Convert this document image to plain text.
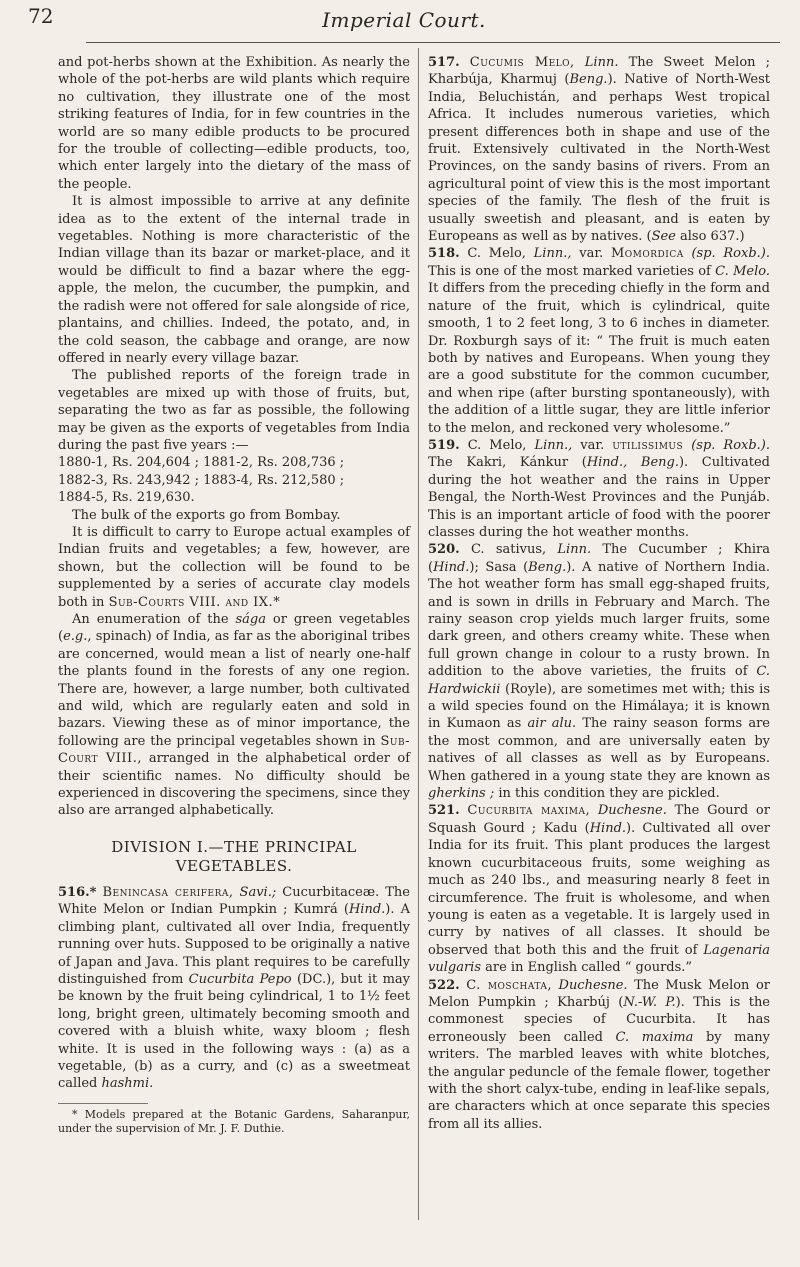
72	Imperial Court.

and pot-herbs shown at the Exhibition. As nearly the whole of the pot-herbs are wild plants which require no cultivation, they illustrate one of the most striking features of India, for in few countries in the world are so many edible products to be procured for the trouble of collecting—edible products, too, which enter largely into the dietary of the mass of the people.

It is almost impossible to arrive at any definite idea as to the extent of the internal trade in vegetables. Nothing is more characteristic of the Indian village than its bazar or market-place, and it would be difficult to find a bazar where the egg-apple, the melon, the cucumber, the pumpkin, and the radish were not offered for sale alongside of rice, plantains, and chillies. Indeed, the potato, and, in the cold season, the cabbage and orange, are now offered in nearly every village bazar.

The published reports of the foreign trade in vegetables are mixed up with those of fruits, but, separating the two as far as possible, the following may be given as the exports of vegetables from India during the past five years :—

1880-1, Rs. 204,604 ; 1881-2, Rs. 208,736 ;

1882-3, Rs. 243,942 ; 1883-4, Rs. 212,580 ;

1884-5, Rs. 219,630.

The bulk of the exports go from Bombay.

It is difficult to carry to Europe actual examples of Indian fruits and vegetables; a few, however, are shown, but the collection will be found to be supplemented by a series of accurate clay models both in Sub-Courts VIII. and IX.*

An enumeration of the sága or green vegetables (e.g., spinach) of India, as far as the aboriginal tribes are concerned, would mean a list of nearly one-half the plants found in the forests of any one region. There are, however, a large number, both cultivated and wild, which are regularly eaten and sold in bazars. Viewing these as of minor importance, the following are the principal vegetables shown in Sub-Court VIII., arranged in the alphabetical order of their scientific names. No difficulty should be experienced in discovering the specimens, since they also are arranged alphabetically.

DIVISION I.—THE PRINCIPAL
VEGETABLES.

516.* Benincasa cerifera, Savi.; Cucurbitaceæ. The White Melon or Indian Pumpkin ; Kumrá (Hind.). A climbing plant, cultivated all over India, frequently running over huts. Supposed to be originally a native of Japan and Java. This plant requires to be carefully distinguished from Cucurbita Pepo (DC.), but it may be known by the fruit being cylindrical, 1 to 1½ feet long, bright green, ultimately becoming smooth and covered with a bluish white, waxy bloom ; flesh white. It is used in the following ways : (a) as a vegetable, (b) as a curry, and (c) as a sweetmeat called hashmi.

* Models prepared at the Botanic Gardens, Saharanpur, under the supervision of Mr. J. F. Duthie.

517. Cucumis Melo, Linn. The Sweet Melon ; Kharbúja, Kharmuj (Beng.). Native of North-West India, Beluchistán, and perhaps West tropical Africa. It includes numerous varieties, which present differences both in shape and use of the fruit. Extensively cultivated in the North-West Provinces, on the sandy basins of rivers. From an agricultural point of view this is the most important species of the family. The flesh of the fruit is usually sweetish and pleasant, and is eaten by Europeans as well as by natives. (See also 637.)

518. C. Melo, Linn., var. Momordica (sp. Roxb.). This is one of the most marked varieties of C. Melo. It differs from the preceding chiefly in the form and nature of the fruit, which is cylindrical, quite smooth, 1 to 2 feet long, 3 to 6 inches in diameter. Dr. Roxburgh says of it: “ The fruit is much eaten both by natives and Europeans. When young they are a good substitute for the common cucumber, and when ripe (after bursting spontaneously), with the addition of a little sugar, they are little inferior to the melon, and reckoned very wholesome.”

519. C. Melo, Linn., var. utilissimus (sp. Roxb.). The Kakri, Kánkur (Hind., Beng.). Cultivated during the hot weather and the rains in Upper Bengal, the North-West Provinces and the Punjáb. This is an important article of food with the poorer classes during the hot weather months.

520. C. sativus, Linn. The Cucumber ; Khira (Hind.); Sasa (Beng.). A native of Northern India. The hot weather form has small egg-shaped fruits, and is sown in drills in February and March. The rainy season crop yields much larger fruits, some dark green, and others creamy white. These when full grown change in colour to a rusty brown. In addition to the above varieties, the fruits of C. Hardwickii (Royle), are sometimes met with; this is a wild species found on the Himálaya; it is known in Kumaon as air alu. The rainy season forms are the most common, and are universally eaten by natives of all classes as well as by Europeans. When gathered in a young state they are known as gherkins ; in this condition they are pickled.

521. Cucurbita maxima, Duchesne. The Gourd or Squash Gourd ; Kadu (Hind.). Cultivated all over India for its fruit. This plant produces the largest known cucurbitaceous fruits, some weighing as much as 240 lbs., and measuring nearly 8 feet in circumference. The fruit is wholesome, and when young is eaten as a vegetable. It is largely used in curry by natives of all classes. It should be observed that both this and the fruit of Lagenaria vulgaris are in English called “ gourds.”

522. C. moschata, Duchesne. The Musk Melon or Melon Pumpkin ; Kharbúj (N.-W. P.). This is the commonest species of Cucurbita. It has erroneously been called C. maxima by many writers. The marbled leaves with white blotches, the angular peduncle of the female flower, together with the short calyx-tube, ending in leaf-like sepals, are characters which at once separate this species from all its allies.
